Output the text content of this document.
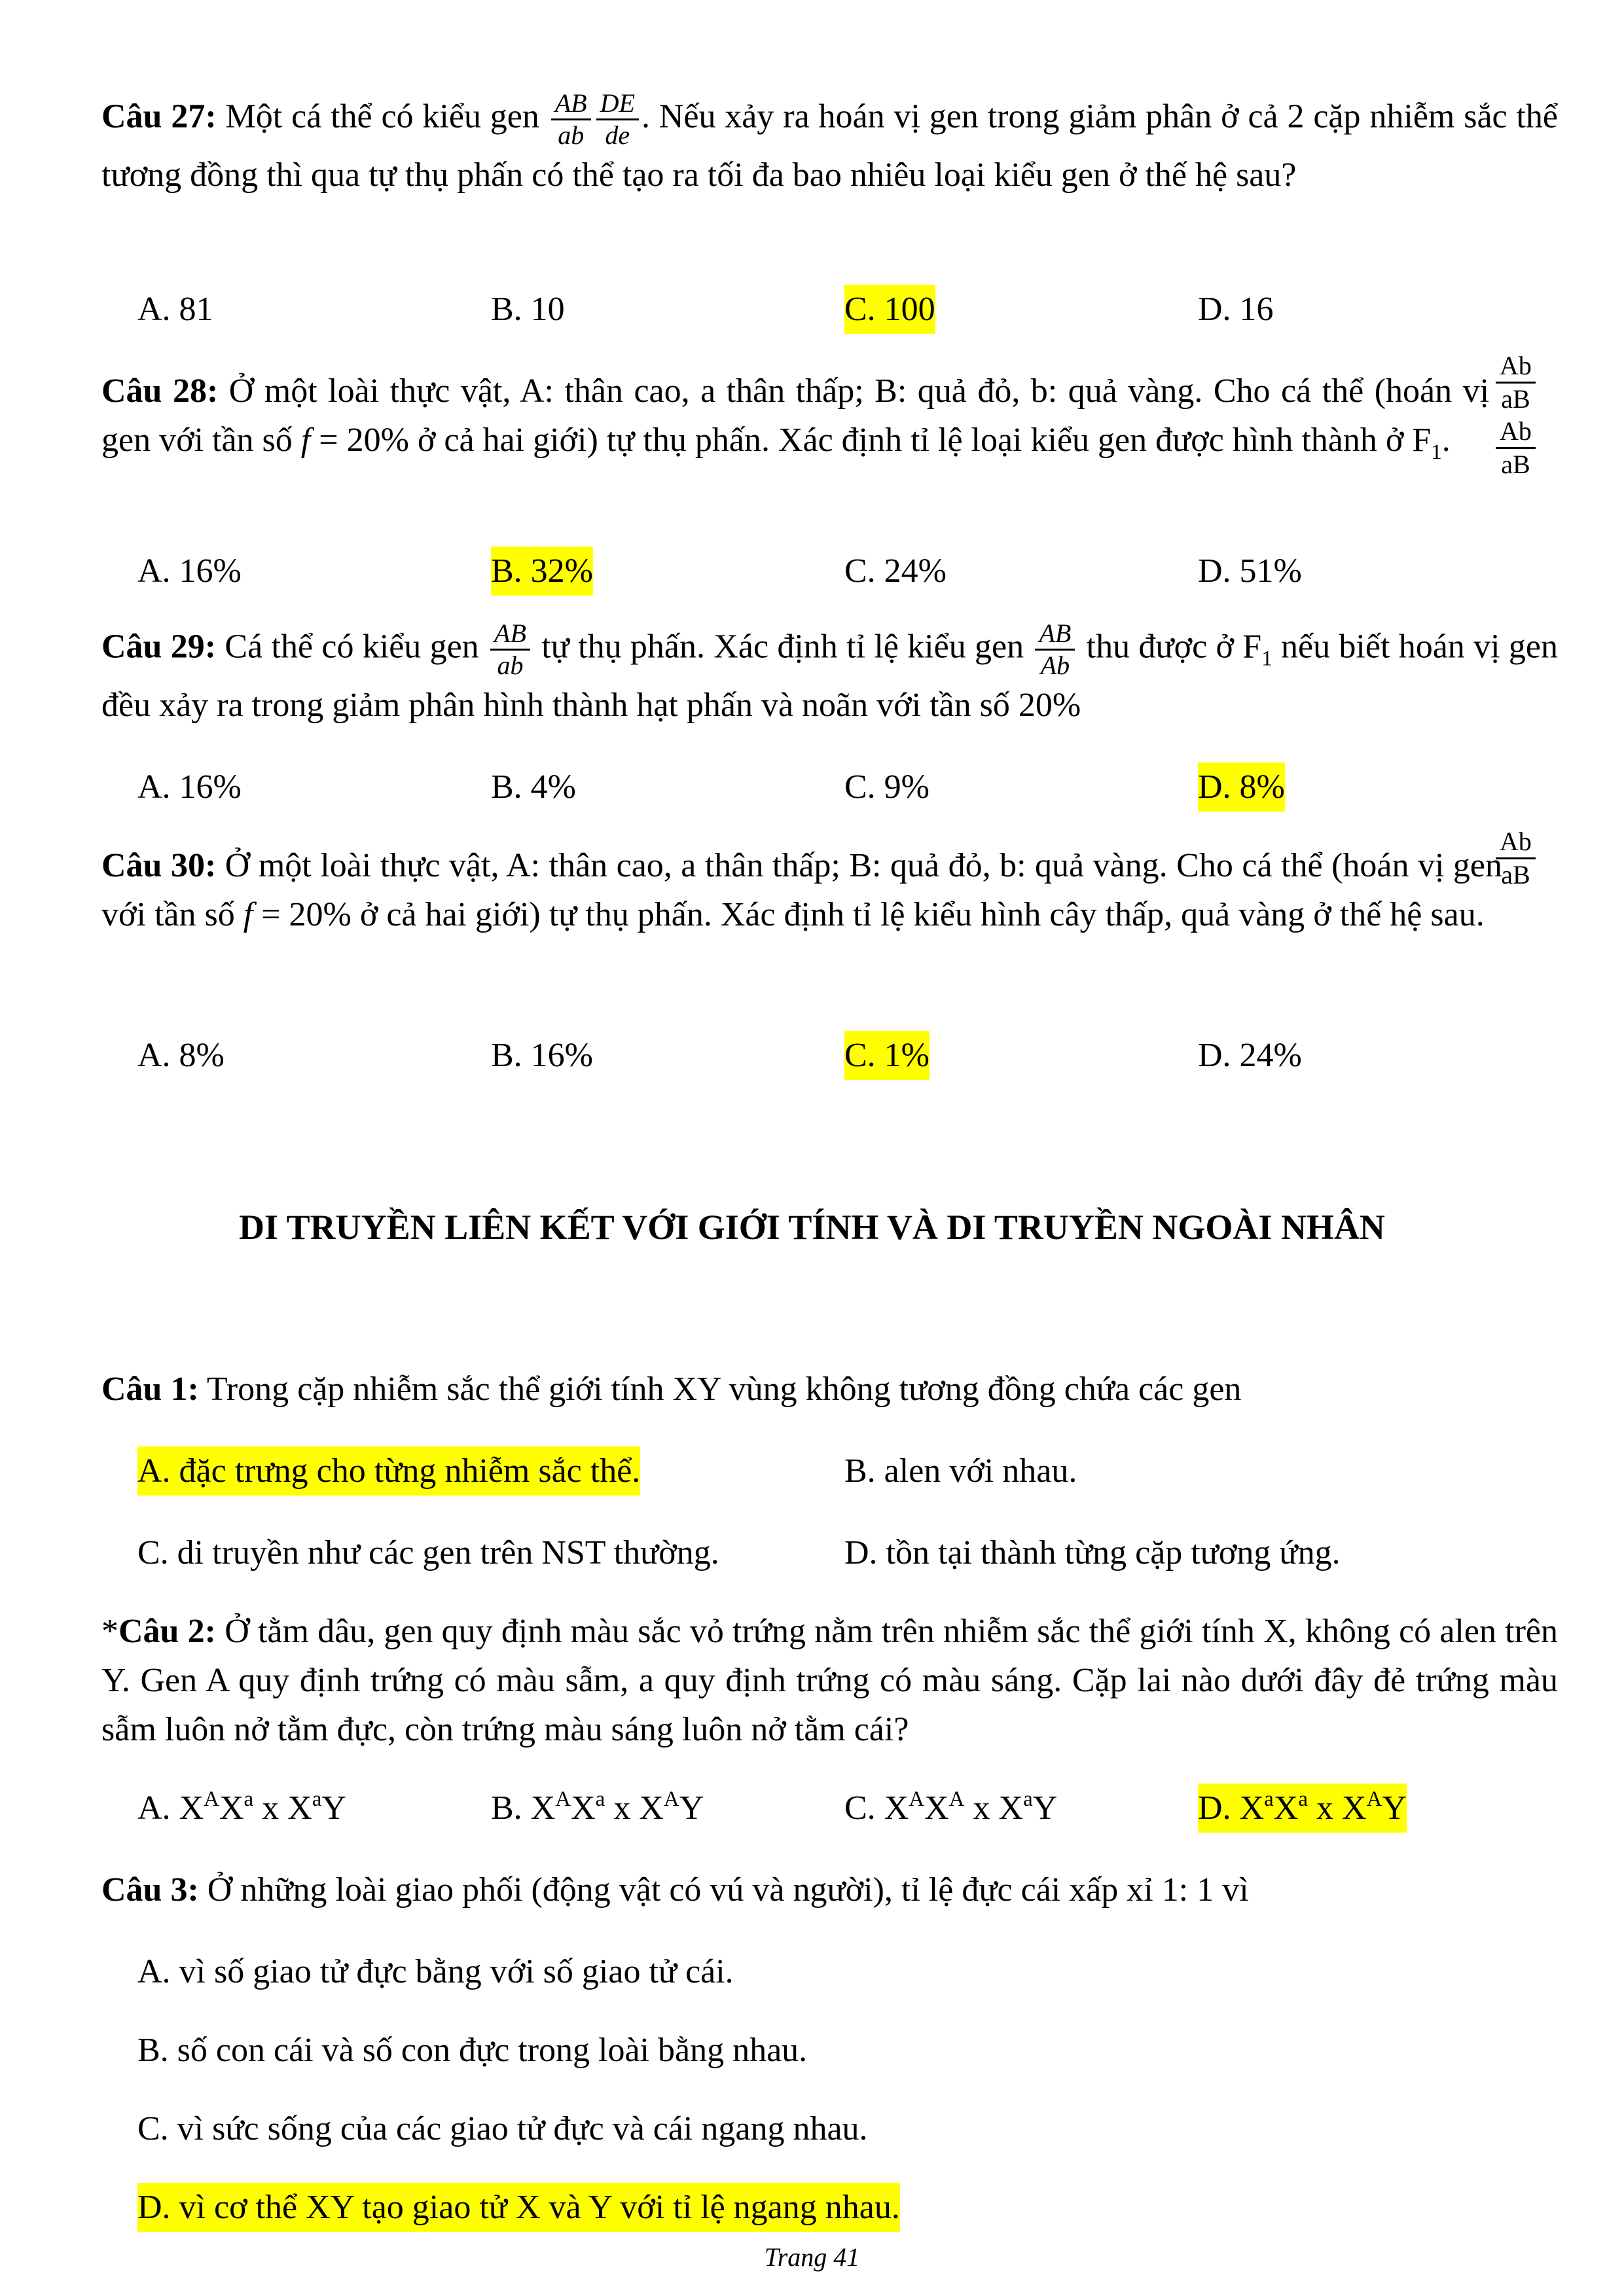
Câu 27: Một cá thể có kiểu gen $\frac{AB}{ab} \frac{DE}{de}$ . Nếu xảy ra hoán vị gen trong giảm phân ở cả 2 cặp nhiễm sắc thể tương đồng thì qua tự thụ phấn có thể tạo ra tối đa bao nhiêu loại kiểu gen ở thế hệ sau?
A. 81	B. 10	C. 100	D. 16
Câu 28: Ở một loài thực vật, A: thân cao, a thân thấp; B: quả đỏ, b: quả vàng. Cho cá thể (hoán vị gen với tần số f = 20% ở cả hai giới) tự thụ phấn. Xác định tỉ lệ loại kiểu gen được hình thành ở $F_1$.
$\frac{Ab}{aB}$
$\frac{Ab}{aB}$
A. 16%	B. 32%	C. 24%	D. 51%
Câu 29: Cá thể có kiểu gen $\frac{AB}{ab}$ tự thụ phấn. Xác định tỉ lệ kiểu gen $\frac{AB}{Ab}$ thu được ở $F_1$ nếu biết hoán vị gen đều xảy ra trong giảm phân hình thành hạt phấn và noãn với tần số 20%
A. 16%	B. 4%	C. 9%	D. 8%
Câu 30: Ở một loài thực vật, A: thân cao, a thân thấp; B: quả đỏ, b: quả vàng. Cho cá thể (hoán vị gen với tần số f = 20% ở cả hai giới) tự thụ phấn. Xác định tỉ lệ kiểu hình cây thấp, quả vàng ở thế hệ sau.
$\frac{Ab}{aB}$
A. 8%	B. 16%	C. 1%	D. 24%
DI TRUYỀN LIÊN KẾT VỚI GIỚI TÍNH VÀ DI TRUYỀN NGOÀI NHÂN
Câu 1: Trong cặp nhiễm sắc thể giới tính XY vùng không tương đồng chứa các gen
A. đặc trưng cho từng nhiễm sắc thể.	B. alen với nhau.
C. di truyền như các gen trên NST thường.	D. tồn tại thành từng cặp tương ứng.
*Câu 2: Ở tằm dâu, gen quy định màu sắc vỏ trứng nằm trên nhiễm sắc thể giới tính X, không có alen trên Y. Gen A quy định trứng có màu sẫm, a quy định trứng có màu sáng. Cặp lai nào dưới đây đẻ trứng màu sẫm luôn nở tằm đực, còn trứng màu sáng luôn nở tằm cái?
A. $X^AX^a$ x $X^aY$	B. $X^AX^a$ x $X^AY$	C. $X^AX^A$ x $X^aY$	D. $X^aX^a$ x $X^AY$
Câu 3: Ở những loài giao phối (động vật có vú và người), tỉ lệ đực cái xấp xỉ 1: 1 vì
A. vì số giao tử đực bằng với số giao tử cái.
B. số con cái và số con đực trong loài bằng nhau.
C. vì sức sống của các giao tử đực và cái ngang nhau.
D. vì cơ thể XY tạo giao tử X và Y với tỉ lệ ngang nhau.
Trang 41
